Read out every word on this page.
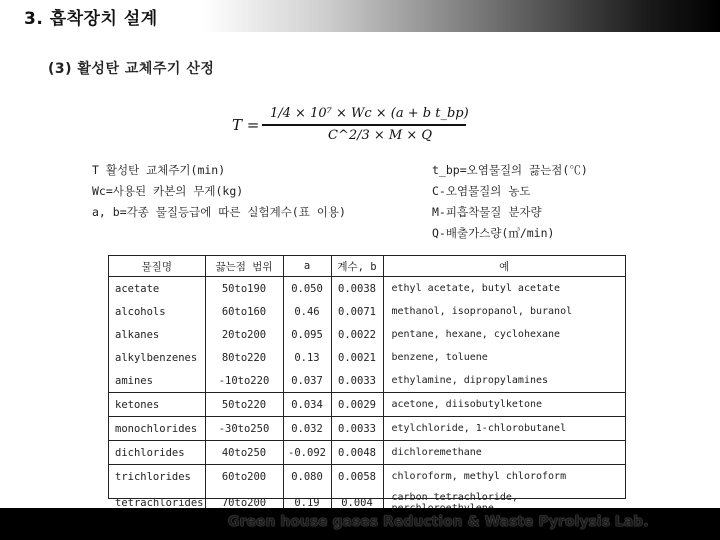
3. 흡착장치 설계
(3) 활성탄 교체주기 산정
T =
1/4 × 10⁷ × Wc × (a + b t_bp)
C^2/3 × M × Q
T 활성탄 교체주기(min)
Wc=사용된 카본의 무게(kg)
a, b=각종 물질등급에 따른 실험계수(표 이용)
t_bp=오염물질의 끓는점(℃)
C-오염물질의 농도
M-피흡착물질 분자량
Q-배출가스량(㎥/min)
물질명	끓는점 범위	a	계수, b	예
acetate	50to190	0.050	0.0038	ethyl acetate, butyl acetate
alcohols	60to160	0.46	0.0071	methanol, isopropanol, buranol
alkanes	20to200	0.095	0.0022	pentane, hexane, cyclohexane
alkylbenzenes	80to220	0.13	0.0021	benzene, toluene
amines	-10to220	0.037	0.0033	ethylamine, dipropylamines
ketones	50to220	0.034	0.0029	acetone, diisobutylketone
monochlorides	-30to250	0.032	0.0033	etylchloride, 1-chlorobutanel
dichlorides	40to250	-0.092	0.0048	dichloremethane
trichlorides	60to200	0.080	0.0058	chloroform, methyl chloroform
tetrachlorides	70to200	0.19	0.004	carbon tetrachloride,
Green house gases Reduction & Waste Pyrolysis Lab.
